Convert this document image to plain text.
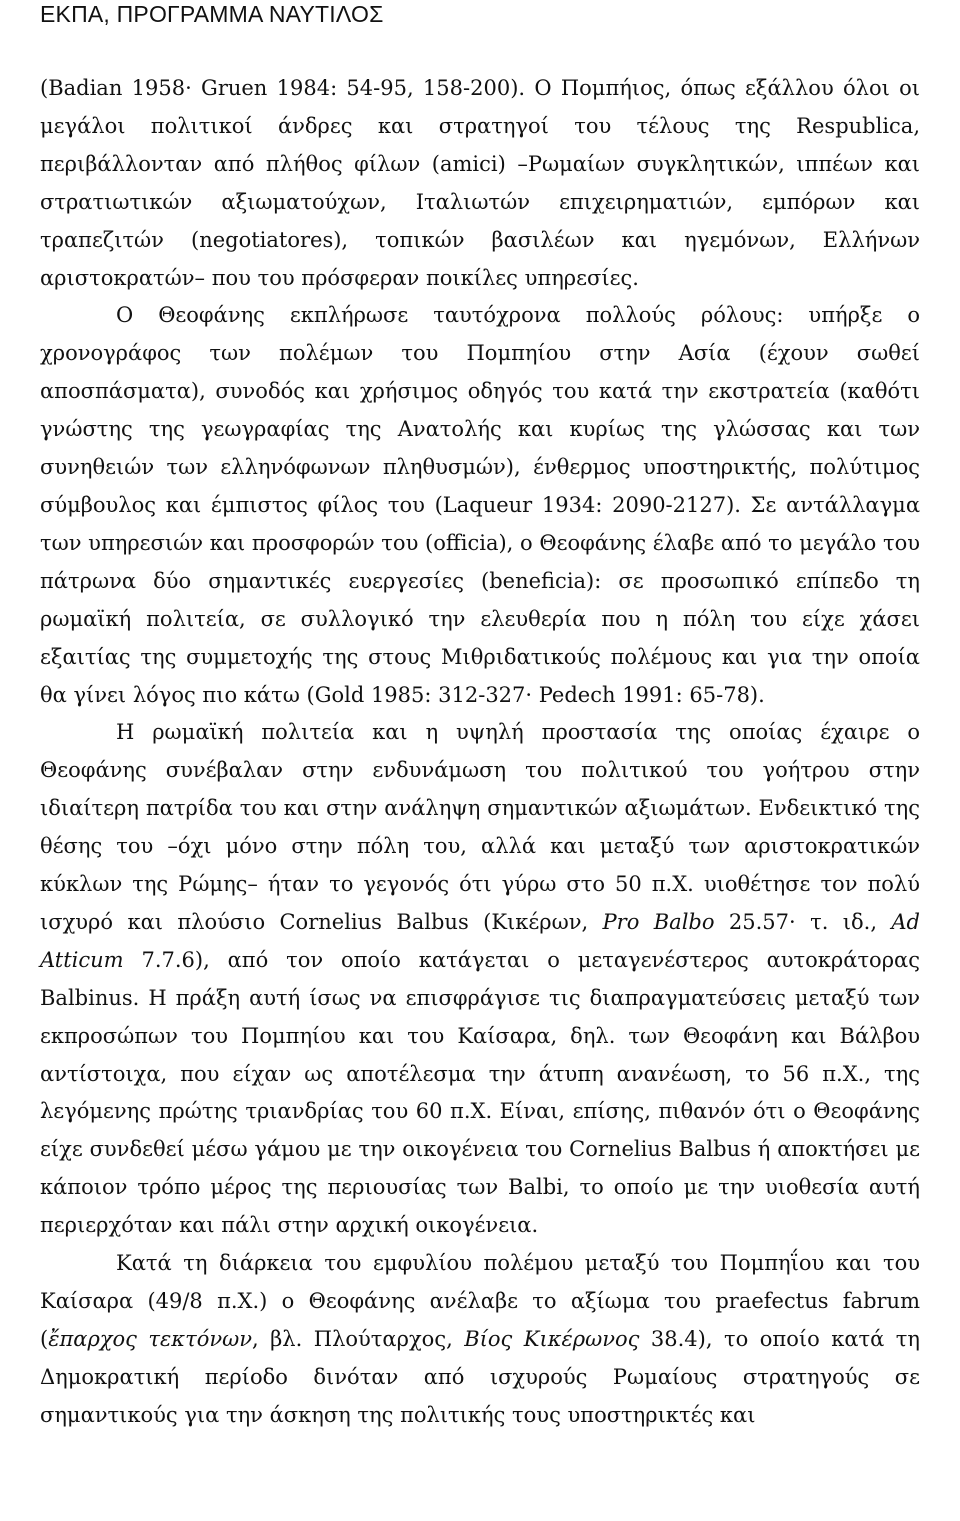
ΕΚΠΑ, ΠΡΟΓΡΑΜΜΑ ΝΑΥΤΙΛΟΣ

(Badian 1958· Gruen 1984: 54-95, 158-200). Ο Πομπήιος, όπως εξάλλου όλοι οι μεγάλοι πολιτικοί άνδρες και στρατηγοί του τέλους της Respublica, περιβάλλονταν από πλήθος φίλων (amici) –Ρωμαίων συγκλητικών, ιππέων και στρατιωτικών αξιωματούχων, Ιταλιωτών επιχειρηματιών, εμπόρων και τραπεζιτών (negotiatores), τοπικών βασιλέων και ηγεμόνων, Ελλήνων αριστοκρατών– που του πρόσφεραν ποικίλες υπηρεσίες.

Ο Θεοφάνης εκπλήρωσε ταυτόχρονα πολλούς ρόλους: υπήρξε ο χρονογράφος των πολέμων του Πομπηίου στην Ασία (έχουν σωθεί αποσπάσματα), συνοδός και χρήσιμος οδηγός του κατά την εκστρατεία (καθότι γνώστης της γεωγραφίας της Ανατολής και κυρίως της γλώσσας και των συνηθειών των ελληνόφωνων πληθυσμών), ένθερμος υποστηρικτής, πολύτιμος σύμβουλος και έμπιστος φίλος του (Laqueur 1934: 2090-2127). Σε αντάλλαγμα των υπηρεσιών και προσφορών του (officia), ο Θεοφάνης έλαβε από το μεγάλο του πάτρωνα δύο σημαντικές ευεργεσίες (beneficia): σε προσωπικό επίπεδο τη ρωμαϊκή πολιτεία, σε συλλογικό την ελευθερία που η πόλη του είχε χάσει εξαιτίας της συμμετοχής της στους Μιθριδατικούς πολέμους και για την οποία θα γίνει λόγος πιο κάτω (Gold 1985: 312-327· Pedech 1991: 65-78).

Η ρωμαϊκή πολιτεία και η υψηλή προστασία της οποίας έχαιρε ο Θεοφάνης συνέβαλαν στην ενδυνάμωση του πολιτικού του γοήτρου στην ιδιαίτερη πατρίδα του και στην ανάληψη σημαντικών αξιωμάτων. Ενδεικτικό της θέσης του –όχι μόνο στην πόλη του, αλλά και μεταξύ των αριστοκρατικών κύκλων της Ρώμης– ήταν το γεγονός ότι γύρω στο 50 π.Χ. υιοθέτησε τον πολύ ισχυρό και πλούσιο Cornelius Balbus (Κικέρων, Pro Balbo 25.57· τ. ιδ., Ad Atticum 7.7.6), από τον οποίο κατάγεται ο μεταγενέστερος αυτοκράτορας Balbinus. Η πράξη αυτή ίσως να επισφράγισε τις διαπραγματεύσεις μεταξύ των εκπροσώπων του Πομπηίου και του Καίσαρα, δηλ. των Θεοφάνη και Βάλβου αντίστοιχα, που είχαν ως αποτέλεσμα την άτυπη ανανέωση, το 56 π.Χ., της λεγόμενης πρώτης τριανδρίας του 60 π.Χ. Είναι, επίσης, πιθανόν ότι ο Θεοφάνης είχε συνδεθεί μέσω γάμου με την οικογένεια του Cornelius Balbus ή αποκτήσει με κάποιον τρόπο μέρος της περιουσίας των Balbi, το οποίο με την υιοθεσία αυτή περιερχόταν και πάλι στην αρχική οικογένεια.

Κατά τη διάρκεια του εμφυλίου πολέμου μεταξύ του Πομπηΐου και του Καίσαρα (49/8 π.Χ.) ο Θεοφάνης ανέλαβε το αξίωμα του praefectus fabrum (ἔπαρχος τεκτόνων, βλ. Πλούταρχος, Βίος Κικέρωνος 38.4), το οποίο κατά τη Δημοκρατική περίοδο δινόταν από ισχυρούς Ρωμαίους στρατηγούς σε σημαντικούς για την άσκηση της πολιτικής τους υποστηρικτές και
